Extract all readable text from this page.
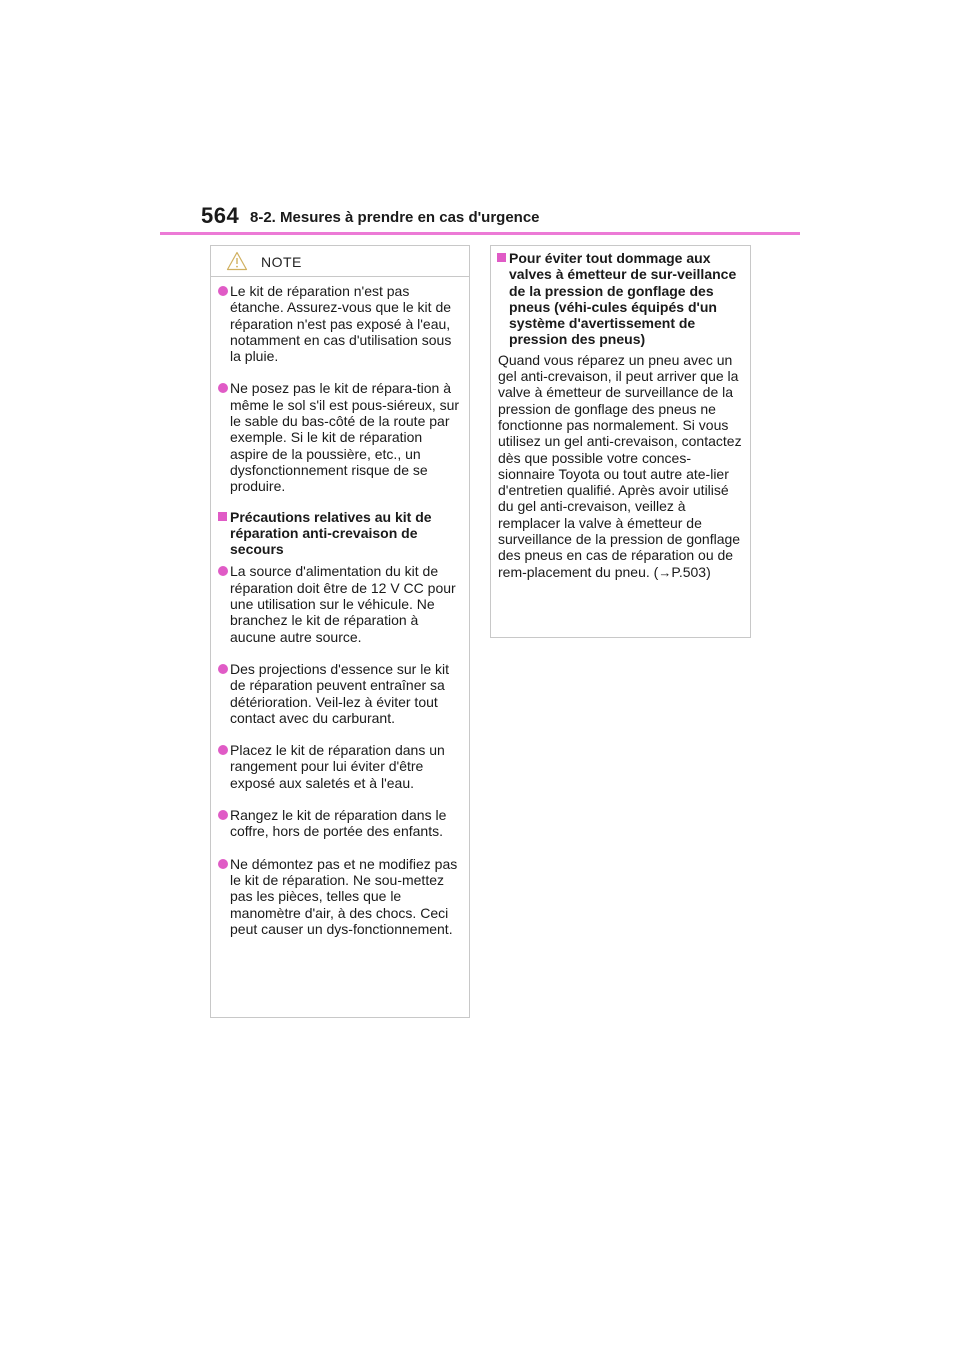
564 8-2. Mesures à prendre en cas d'urgence
NOTE
Le kit de réparation n'est pas étanche. Assurez-vous que le kit de réparation n'est pas exposé à l'eau, notamment en cas d'utilisation sous la pluie.
Ne posez pas le kit de répara-tion à même le sol s'il est pous-siéreux, sur le sable du bas-côté de la route par exemple. Si le kit de réparation aspire de la poussière, etc., un dysfonctionnement risque de se produire.
Précautions relatives au kit de réparation anti-crevaison de secours
La source d'alimentation du kit de réparation doit être de 12 V CC pour une utilisation sur le véhicule. Ne branchez le kit de réparation à aucune autre source.
Des projections d'essence sur le kit de réparation peuvent entraîner sa détérioration. Veil-lez à éviter tout contact avec du carburant.
Placez le kit de réparation dans un rangement pour lui éviter d'être exposé aux saletés et à l'eau.
Rangez le kit de réparation dans le coffre, hors de portée des enfants.
Ne démontez pas et ne modifiez pas le kit de réparation. Ne sou-mettez pas les pièces, telles que le manomètre d'air, à des chocs. Ceci peut causer un dys-fonctionnement.
Pour éviter tout dommage aux valves à émetteur de sur-veillance de la pression de gonflage des pneus (véhi-cules équipés d'un système d'avertissement de pression des pneus)

Quand vous réparez un pneu avec un gel anti-crevaison, il peut arriver que la valve à émetteur de surveillance de la pression de gonflage des pneus ne fonctionne pas normalement. Si vous utilisez un gel anti-crevaison, contactez dès que possible votre conces-sionnaire Toyota ou tout autre ate-lier d'entretien qualifié. Après avoir utilisé du gel anti-crevaison, veillez à remplacer la valve à émetteur de surveillance de la pression de gonflage des pneus en cas de réparation ou de rem-placement du pneu. (→P.503)
